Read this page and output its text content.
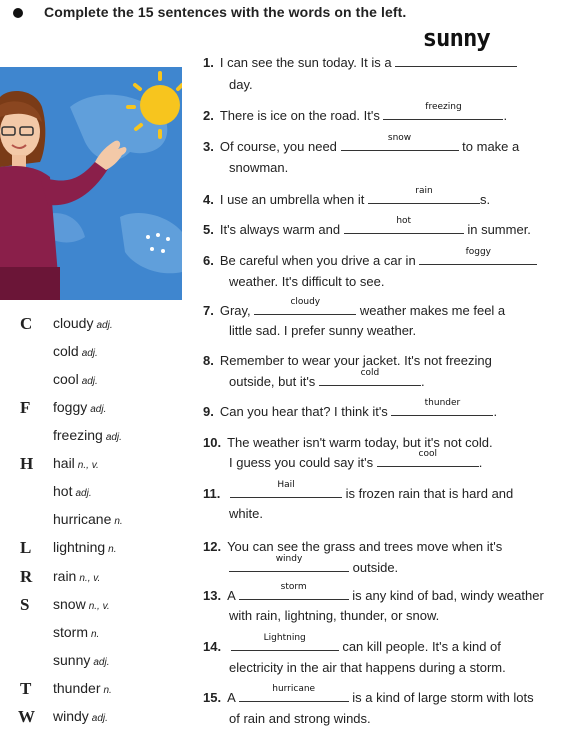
Complete the 15 sentences with the words on the left.
1. I can see the sun today. It is a
sunny
day.
2. There is ice on the road. It's
freezing
.
3. Of course, you need
snow
to make a
snowman.
4. I use an umbrella when it
rain
s.
5. It's always warm and
hot
in summer.
6. Be careful when you drive a car in
foggy
weather. It's difficult to see.
7. Gray,
cloudy
weather makes me feel a
little sad. I prefer sunny weather.
8. Remember to wear your jacket. It's not freezing
outside, but it's
cold
.
9. Can you hear that? I think it's
thunder
.
10. The weather isn't warm today, but it's not cold.
I guess you could say it's
cool
.
11.
Hail
is frozen rain that is hard and
white.
12. You can see the grass and trees move when it's
windy
outside.
13. A
storm
is any kind of bad, windy weather
with rain, lightning, thunder, or snow.
14.
Lightning
can kill people. It's a kind of
electricity in the air that happens during a storm.
15. A
hurricane
is a kind of large storm with lots
of rain and strong winds.
C cloudy adj.
cold adj.
cool adj.
F foggy adj.
freezing adj.
H hail n., v.
hot adj.
hurricane n.
L lightning n.
R rain n., v.
S snow n., v.
storm n.
sunny adj.
T thunder n.
W windy adj.
